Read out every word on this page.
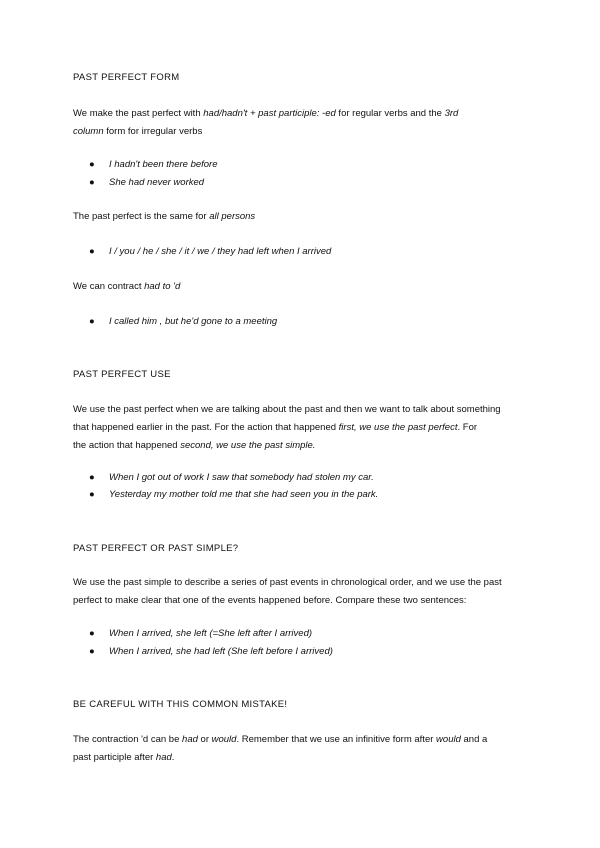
PAST PERFECT FORM
We make the past perfect with had/hadn't + past participle: -ed for regular verbs and the 3rd
column form for irregular verbs
● I hadn't been there before
● She had never worked
The past perfect is the same for all persons
● I / you / he / she / it / we / they had left when I arrived
We can contract had to 'd
● I called him , but he'd gone to a meeting
PAST PERFECT USE
We use the past perfect when we are talking about the past and then we want to talk about something
that happened earlier in the past. For the action that happened first, we use the past perfect. For
the action that happened second, we use the past simple.
● When I got out of work I saw that somebody had stolen my car.
● Yesterday my mother told me that she had seen you in the park.
PAST PERFECT OR PAST SIMPLE?
We use the past simple to describe a series of past events in chronological order, and we use the past
perfect to make clear that one of the events happened before. Compare these two sentences:
● When I arrived, she left (=She left after I arrived)
● When I arrived, she had left (She left before I arrived)
BE CAREFUL WITH THIS COMMON MISTAKE!
The contraction 'd can be had or would. Remember that we use an infinitive form after would and a
past participle after had.
